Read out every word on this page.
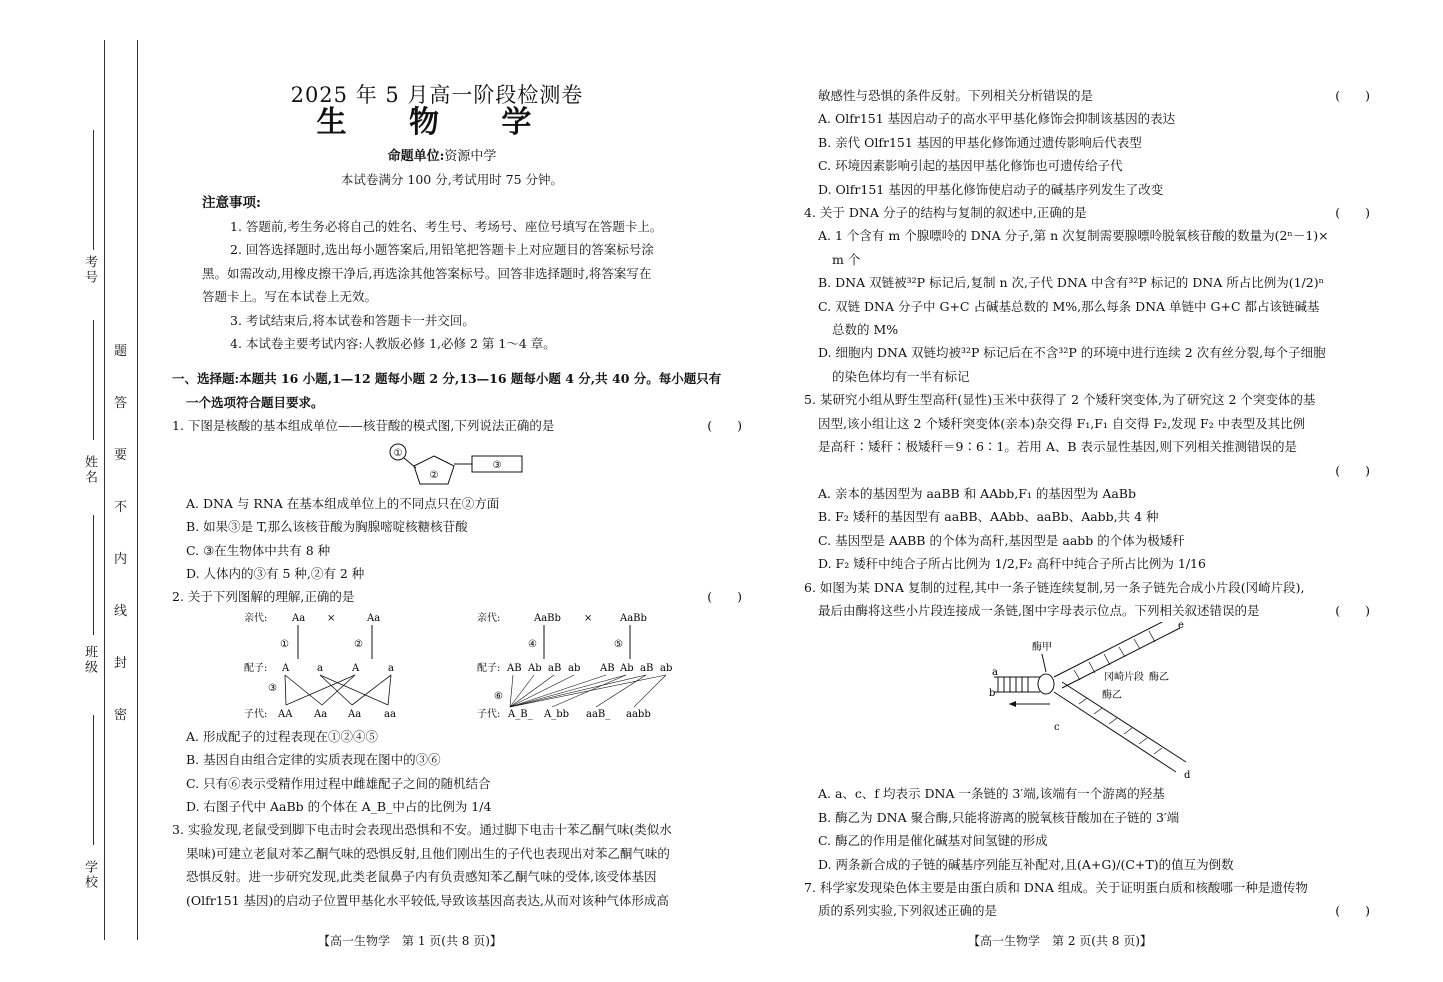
考号
姓名
班级
学校
题
答
要
不
内
线
封
密
2025 年 5 月高一阶段检测卷
生 物 学

命题单位:资源中学

本试卷满分 100 分,考试用时 75 分钟。

注意事项:

1. 答题前,考生务必将自己的姓名、考生号、考场号、座位号填写在答题卡上。

2. 回答选择题时,选出每小题答案后,用铅笔把答题卡上对应题目的答案标号涂

黑。如需改动,用橡皮擦干净后,再选涂其他答案标号。回答非选择题时,将答案写在

答题卡上。写在本试卷上无效。

3. 考试结束后,将本试卷和答题卡一并交回。

4. 本试卷主要考试内容:人教版必修 1,必修 2 第 1～4 章。

一、选择题:本题共 16 小题,1—12 题每小题 2 分,13—16 题每小题 4 分,共 40 分。每小题只有

一个选项符合题目要求。

1. 下图是核酸的基本组成单位——核苷酸的模式图,下列说法正确的是	(　　)

①
②
③

A. DNA 与 RNA 在基本组成单位上的不同点只在②方面

B. 如果③是 T,那么该核苷酸为胸腺嘧啶核糖核苷酸

C. ③在生物体中共有 8 种

D. 人体内的③有 5 种,②有 2 种

2. 关于下列图解的理解,正确的是	(　　)

亲代: Aa ×	Aa
①	②
配子: A	a	A	a
③
子代: AA Aa Aa aa
亲代:	AaBb ×	AaBb
④	⑤
配子: AB Ab aB ab AB Ab aB ab
⑥
子代: A_B_ A_bb aaB_ aabb

A. 形成配子的过程表现在①②④⑤

B. 基因自由组合定律的实质表现在图中的③⑥

C. 只有⑥表示受精作用过程中雌雄配子之间的随机结合

D. 右图子代中 AaBb 的个体在 A_B_中占的比例为 1/4

3. 实验发现,老鼠受到脚下电击时会表现出恐惧和不安。通过脚下电击十苯乙酮气味(类似水

果味)可建立老鼠对苯乙酮气味的恐惧反射,且他们刚出生的子代也表现出对苯乙酮气味的

恐惧反射。进一步研究发现,此类老鼠鼻子内有负责感知苯乙酮气味的受体,该受体基因

(Olfr151 基因)的启动子位置甲基化水平较低,导致该基因高表达,从而对该种气体形成高

【高一生物学　第 1 页(共 8 页)】

敏感性与恐惧的条件反射。下列相关分析错误的是	(　　)

A. Olfr151 基因启动子的高水平甲基化修饰会抑制该基因的表达

B. 亲代 Olfr151 基因的甲基化修饰通过遗传影响后代表型

C. 环境因素影响引起的基因甲基化修饰也可遗传给子代

D. Olfr151 基因的甲基化修饰使启动子的碱基序列发生了改变

4. 关于 DNA 分子的结构与复制的叙述中,正确的是	(　　)

A. 1 个含有 m 个腺嘌呤的 DNA 分子,第 n 次复制需要腺嘌呤脱氧核苷酸的数量为(2ⁿ－1)×

m 个

B. DNA 双链被³²P 标记后,复制 n 次,子代 DNA 中含有³²P 标记的 DNA 所占比例为(1/2)ⁿ

C. 双链 DNA 分子中 G+C 占碱基总数的 M%,那么每条 DNA 单链中 G+C 都占该链碱基

总数的 M%

D. 细胞内 DNA 双链均被³²P 标记后在不含³²P 的环境中进行连续 2 次有丝分裂,每个子细胞

的染色体均有一半有标记

5. 某研究小组从野生型高秆(显性)玉米中获得了 2 个矮秆突变体,为了研究这 2 个突变体的基

因型,该小组让这 2 个矮秆突变体(亲本)杂交得 F₁,F₁ 自交得 F₂,发现 F₂ 中表型及其比例

是高秆∶矮秆∶极矮秆＝9∶6∶1。若用 A、B 表示显性基因,则下列相关推测错误的是

(　　)

A. 亲本的基因型为 aaBB 和 AAbb,F₁ 的基因型为 AaBb

B. F₂ 矮秆的基因型有 aaBB、AAbb、aaBb、Aabb,共 4 种

C. 基因型是 AABB 的个体为高秆,基因型是 aabb 的个体为极矮秆

D. F₂ 矮秆中纯合子所占比例为 1/2,F₂ 高秆中纯合子所占比例为 1/16

6. 如图为某 DNA 复制的过程,其中一条子链连续复制,另一条子链先合成小片段(冈崎片段),

最后由酶将这些小片段连接成一条链,图中字母表示位点。下列相关叙述错误的是	(　　)

a
b
d
e
c
酶甲
酶乙
冈崎片段
酶乙

A. a、c、f 均表示 DNA 一条链的 3′端,该端有一个游离的羟基

B. 酶乙为 DNA 聚合酶,只能将游离的脱氧核苷酸加在子链的 3′端

C. 酶乙的作用是催化碱基对间氢键的形成

D. 两条新合成的子链的碱基序列能互补配对,且(A+G)/(C+T)的值互为倒数

7. 科学家发现染色体主要是由蛋白质和 DNA 组成。关于证明蛋白质和核酸哪一种是遗传物

质的系列实验,下列叙述正确的是	(　　)

【高一生物学　第 2 页(共 8 页)】
